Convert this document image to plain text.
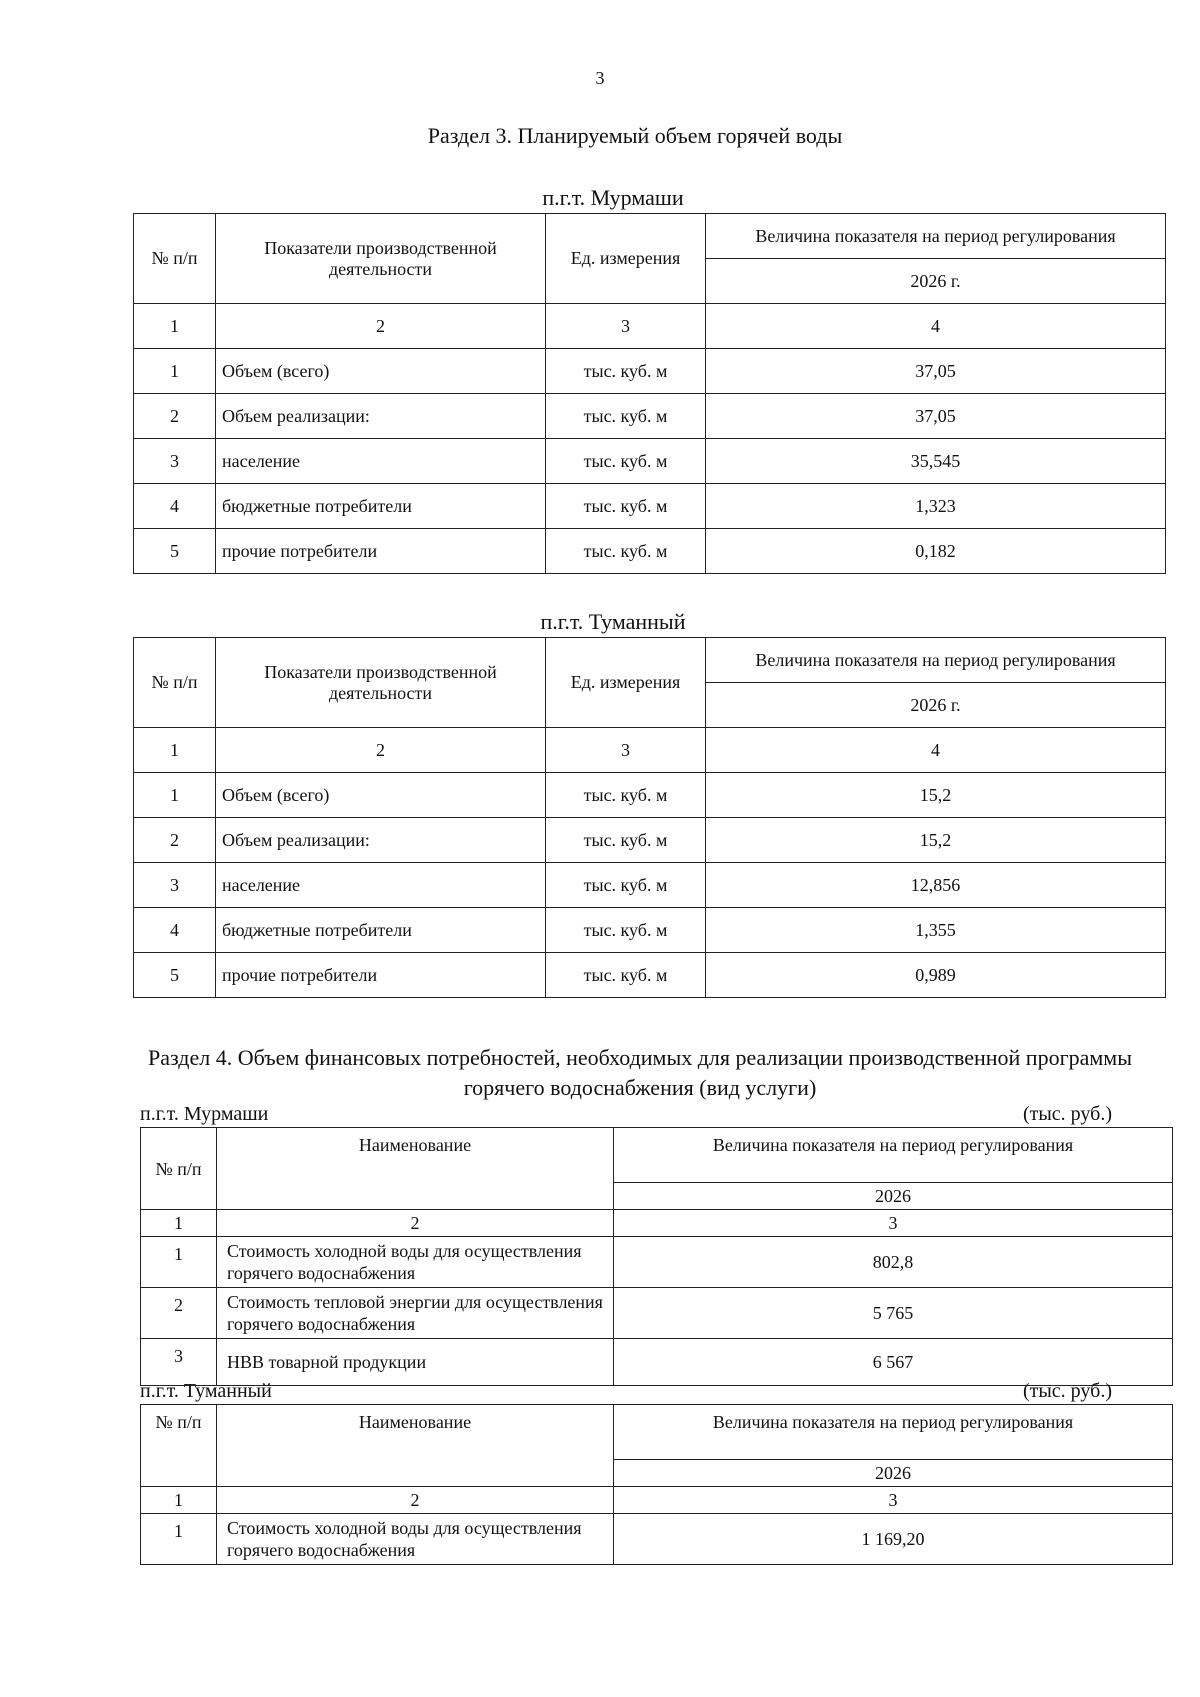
3
Раздел 3. Планируемый объем горячей воды
п.г.т. Мурмаши
№ п/п	Показатели производственной деятельности	Ед. измерения	Величина показателя на период регулирования
			2026 г.
1	2	3	4
1	Объем (всего)	тыс. куб. м	37,05
2	Объем реализации:	тыс. куб. м	37,05
3	население	тыс. куб. м	35,545
4	бюджетные потребители	тыс. куб. м	1,323
5	прочие потребители	тыс. куб. м	0,182
п.г.т. Туманный
№ п/п	Показатели производственной деятельности	Ед. измерения	Величина показателя на период регулирования
			2026 г.
1	2	3	4
1	Объем (всего)	тыс. куб. м	15,2
2	Объем реализации:	тыс. куб. м	15,2
3	население	тыс. куб. м	12,856
4	бюджетные потребители	тыс. куб. м	1,355
5	прочие потребители	тыс. куб. м	0,989
Раздел 4. Объем финансовых потребностей, необходимых для реализации производственной программы горячего водоснабжения (вид услуги)
п.г.т. Мурмаши	(тыс. руб.)
№ п/п	Наименование	Величина показателя на период регулирования
		2026
1	2	3
1	Стоимость холодной воды для осуществления горячего водоснабжения	802,8
2	Стоимость тепловой энергии для осуществления горячего водоснабжения	5 765
3	НВВ товарной продукции	6 567
п.г.т. Туманный	(тыс. руб.)
№ п/п	Наименование	Величина показателя на период регулирования
		2026
1	2	3
1	Стоимость холодной воды для осуществления горячего водоснабжения	1 169,20
